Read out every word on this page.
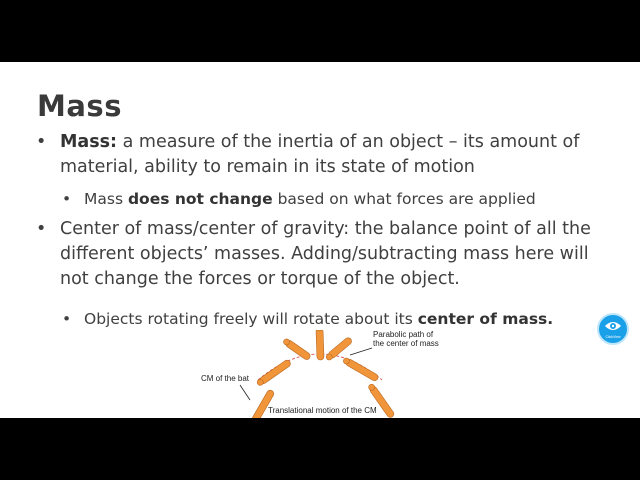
Mass
• Mass: a measure of the inertia of an object – its amount of material, ability to remain in its state of motion
• Mass does not change based on what forces are applied
• Center of mass/center of gravity: the balance point of all the different objects’ masses. Adding/subtracting mass here will not change the forces or torque of the object.
• Objects rotating freely will rotate about its center of mass.
Parabolic path of
the center of mass
CM of the bat
Translational motion of the CM
ClickView
